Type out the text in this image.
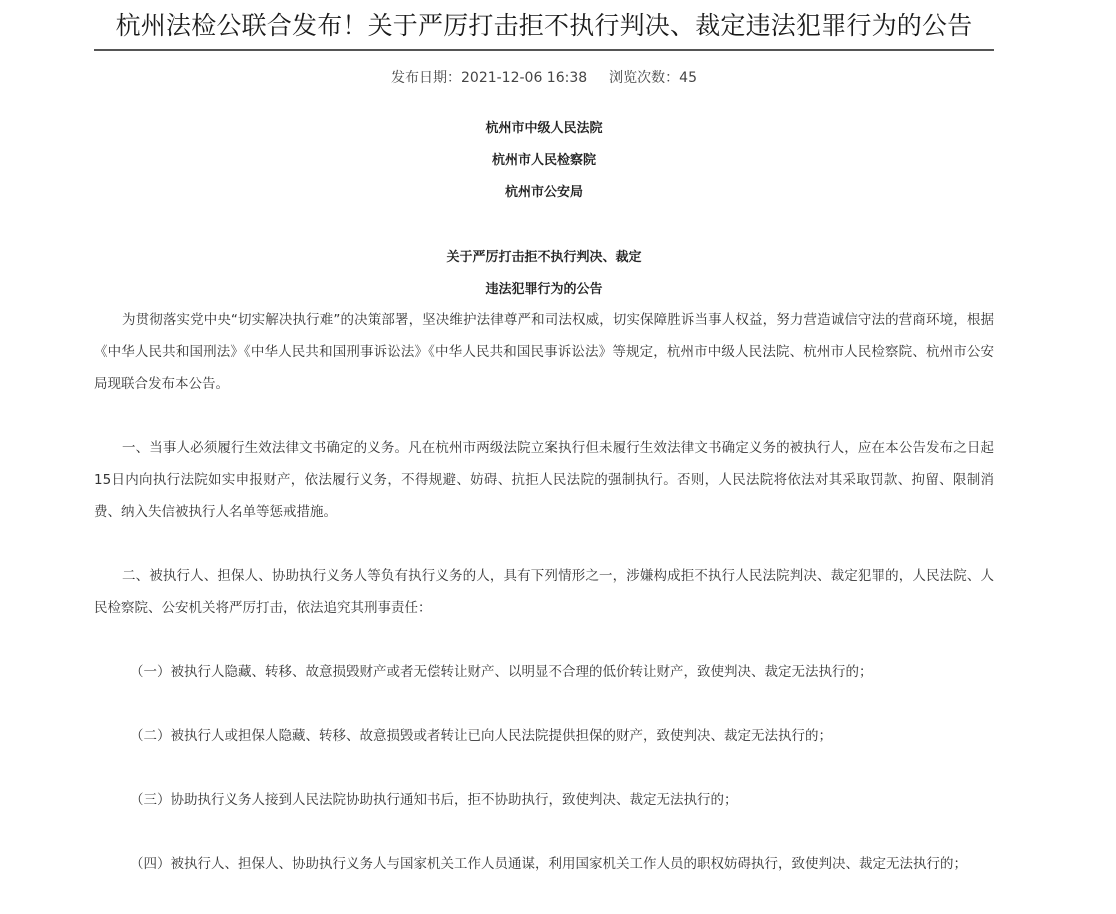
杭州法检公联合发布！关于严厉打击拒不执行判决、裁定违法犯罪行为的公告
发布日期：2021-12-06 16:38 浏览次数：45
杭州市中级人民法院
杭州市人民检察院
杭州市公安局
关于严厉打击拒不执行判决、裁定
违法犯罪行为的公告

为贯彻落实党中央“切实解决执行难”的决策部署，坚决维护法律尊严和司法权威，切实保障胜诉当事人权益，努力营造诚信守法的营商环境，根据《中华人民共和国刑法》《中华人民共和国刑事诉讼法》《中华人民共和国民事诉讼法》等规定，杭州市中级人民法院、杭州市人民检察院、杭州市公安局现联合发布本公告。

一、当事人必须履行生效法律文书确定的义务。凡在杭州市两级法院立案执行但未履行生效法律文书确定义务的被执行人，应在本公告发布之日起15日内向执行法院如实申报财产，依法履行义务，不得规避、妨碍、抗拒人民法院的强制执行。否则，人民法院将依法对其采取罚款、拘留、限制消费、纳入失信被执行人名单等惩戒措施。

二、被执行人、担保人、协助执行义务人等负有执行义务的人，具有下列情形之一，涉嫌构成拒不执行人民法院判决、裁定犯罪的，人民法院、人民检察院、公安机关将严厉打击，依法追究其刑事责任：

（一）被执行人隐藏、转移、故意损毁财产或者无偿转让财产、以明显不合理的低价转让财产，致使判决、裁定无法执行的；

（二）被执行人或担保人隐藏、转移、故意损毁或者转让已向人民法院提供担保的财产，致使判决、裁定无法执行的；

（三）协助执行义务人接到人民法院协助执行通知书后，拒不协助执行，致使判决、裁定无法执行的；

（四）被执行人、担保人、协助执行义务人与国家机关工作人员通谋，利用国家机关工作人员的职权妨碍执行，致使判决、裁定无法执行的；
